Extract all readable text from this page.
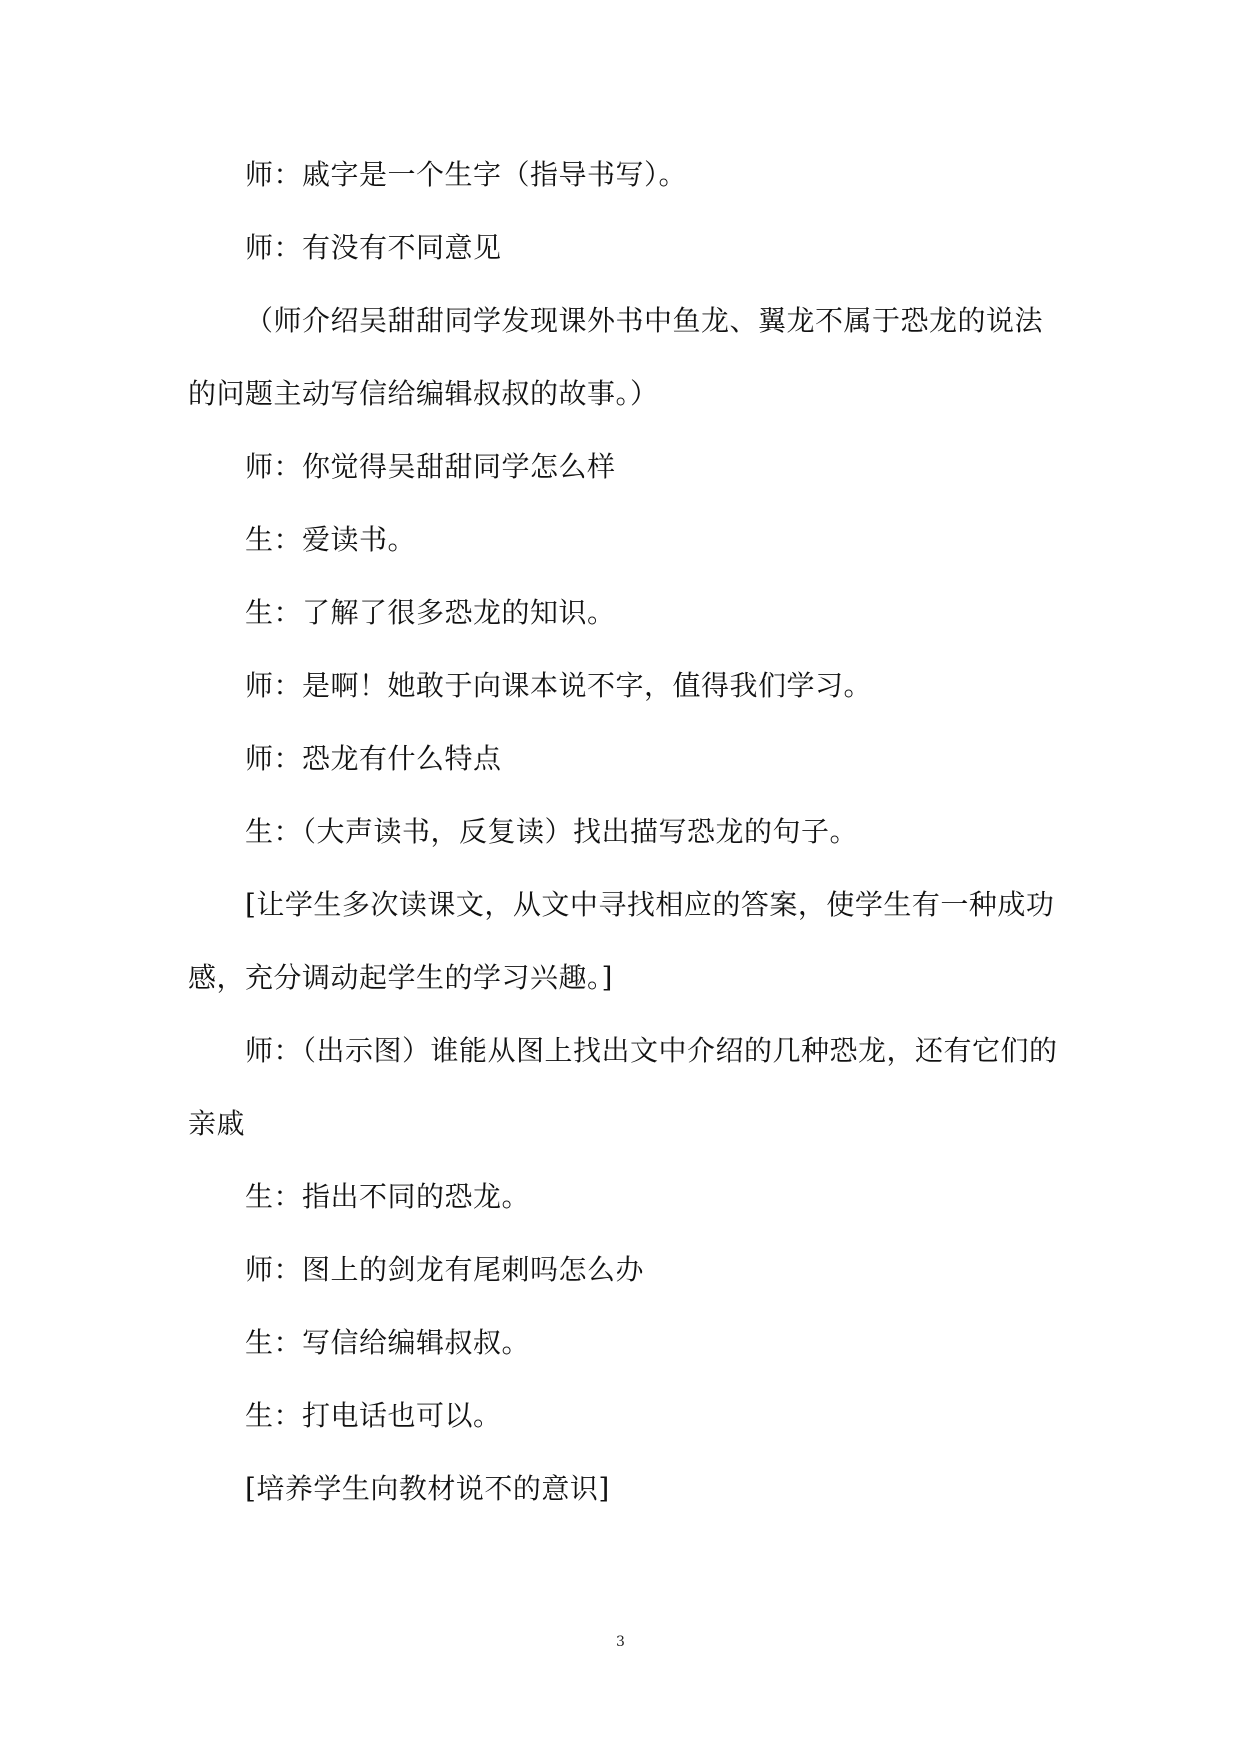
师：戚字是一个生字（指导书写）。

师：有没有不同意见

（师介绍吴甜甜同学发现课外书中鱼龙、翼龙不属于恐龙的说法的问题主动写信给编辑叔叔的故事。）

师：你觉得吴甜甜同学怎么样

生：爱读书。

生：了解了很多恐龙的知识。

师：是啊！她敢于向课本说不字，值得我们学习。

师：恐龙有什么特点

生：（大声读书，反复读）找出描写恐龙的句子。

[让学生多次读课文，从文中寻找相应的答案，使学生有一种成功感，充分调动起学生的学习兴趣。]

师：（出示图）谁能从图上找出文中介绍的几种恐龙，还有它们的亲戚

生：指出不同的恐龙。

师：图上的剑龙有尾刺吗怎么办

生：写信给编辑叔叔。

生：打电话也可以。

[培养学生向教材说不的意识]

3
